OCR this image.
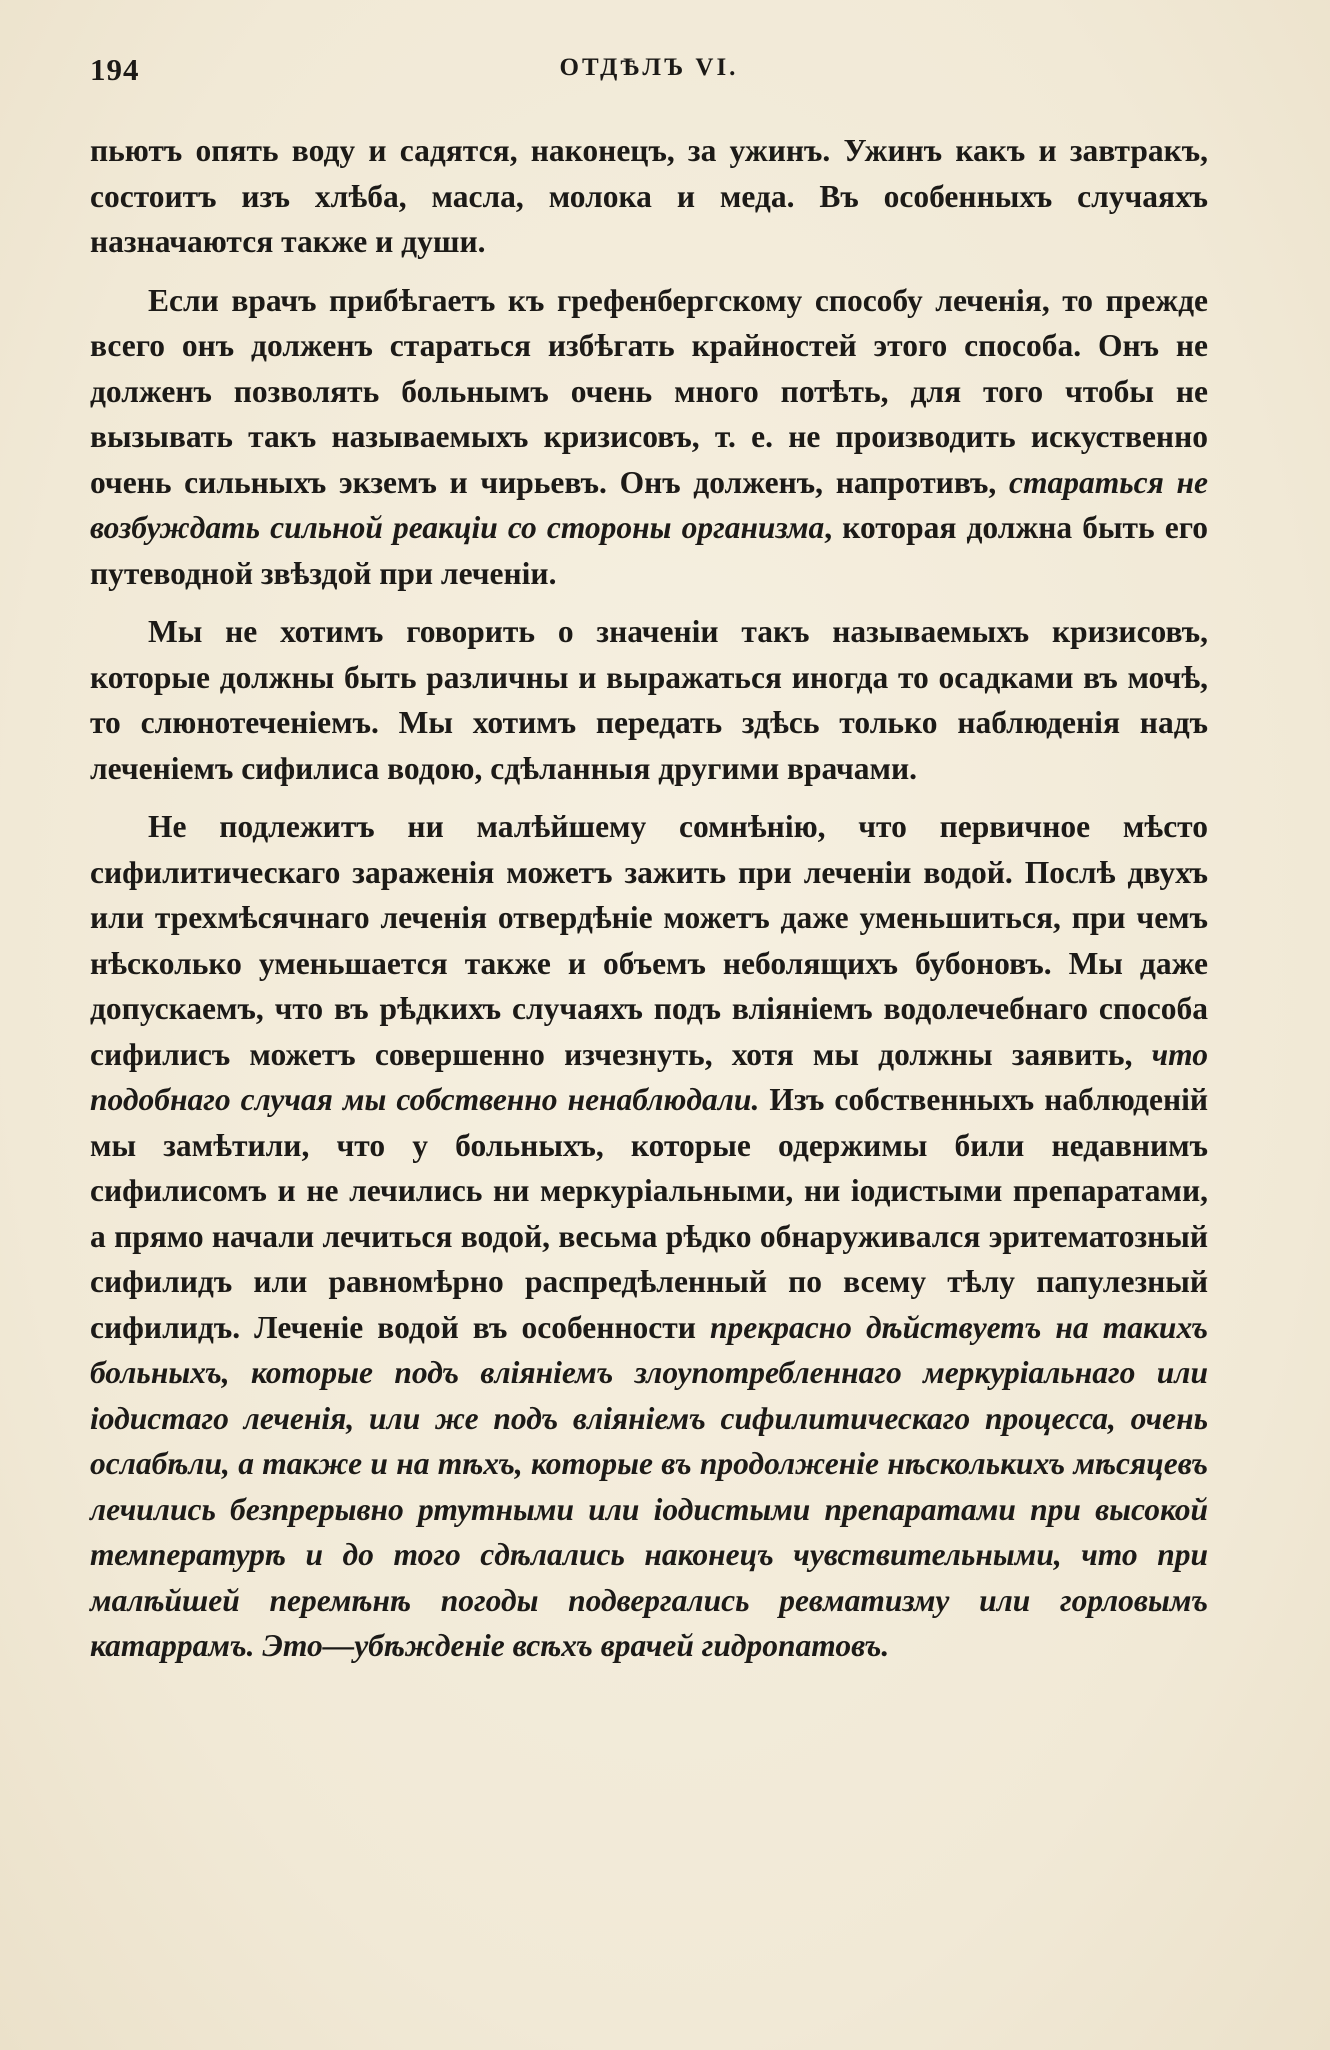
194	ОТДѢЛЪ VI.

пьютъ опять воду и садятся, наконецъ, за ужинъ. Ужинъ какъ и завтракъ, состоитъ изъ хлѣба, масла, молока и меда. Въ особенныхъ случаяхъ назначаются также и души.

Если врачъ прибѣгаетъ къ грефенбергскому способу леченія, то прежде всего онъ долженъ стараться избѣгать крайностей этого способа. Онъ не долженъ позволять больнымъ очень много потѣть, для того чтобы не вызывать такъ называемыхъ кризисовъ, т. е. не производить искуственно очень сильныхъ экземъ и чирьевъ. Онъ долженъ, напротивъ, стараться не возбуждать сильной реакціи со стороны организма, которая должна быть его путеводной звѣздой при леченіи.

Мы не хотимъ говорить о значеніи такъ называемыхъ кризисовъ, которые должны быть различны и выражаться иногда то осадками въ мочѣ, то слюнотеченіемъ. Мы хотимъ передать здѣсь только наблюденія надъ леченіемъ сифилиса водою, сдѣланныя другими врачами.

Не подлежитъ ни малѣйшему сомнѣнію, что первичное мѣсто сифилитическаго зараженія можетъ зажить при леченіи водой. Послѣ двухъ или трехмѣсячнаго леченія отвердѣніе можетъ даже уменьшиться, при чемъ нѣсколько уменьшается также и объемъ неболящихъ бубоновъ. Мы даже допускаемъ, что въ рѣдкихъ случаяхъ подъ вліяніемъ водолечебнаго способа сифилисъ можетъ совершенно изчезнуть, хотя мы должны заявить, что подобнаго случая мы собственно ненаблюдали. Изъ собственныхъ наблюденій мы замѣтили, что у больныхъ, которые одержимы били недавнимъ сифилисомъ и не лечились ни меркуріальными, ни іодистыми препаратами, а прямо начали лечиться водой, весьма рѣдко обнаруживался эритематозный сифилидъ или равномѣрно распредѣленный по всему тѣлу папулезный сифилидъ. Леченіе водой въ особенности прекрасно дѣйствуетъ на такихъ больныхъ, которые подъ вліяніемъ злоупотребленнаго меркуріальнаго или іодистаго леченія, или же подъ вліяніемъ сифилитическаго процесса, очень ослабѣли, а также и на тѣхъ, которые въ продолженіе нѣсколькихъ мѣсяцевъ лечились безпрерывно ртутными или іодистыми препаратами при высокой температурѣ и до того сдѣлались наконецъ чувствительными, что при малѣйшей перемѣнѣ погоды подвергались ревматизму или горловымъ катаррамъ. Это—убѣжденіе всѣхъ врачей гидропатовъ.
